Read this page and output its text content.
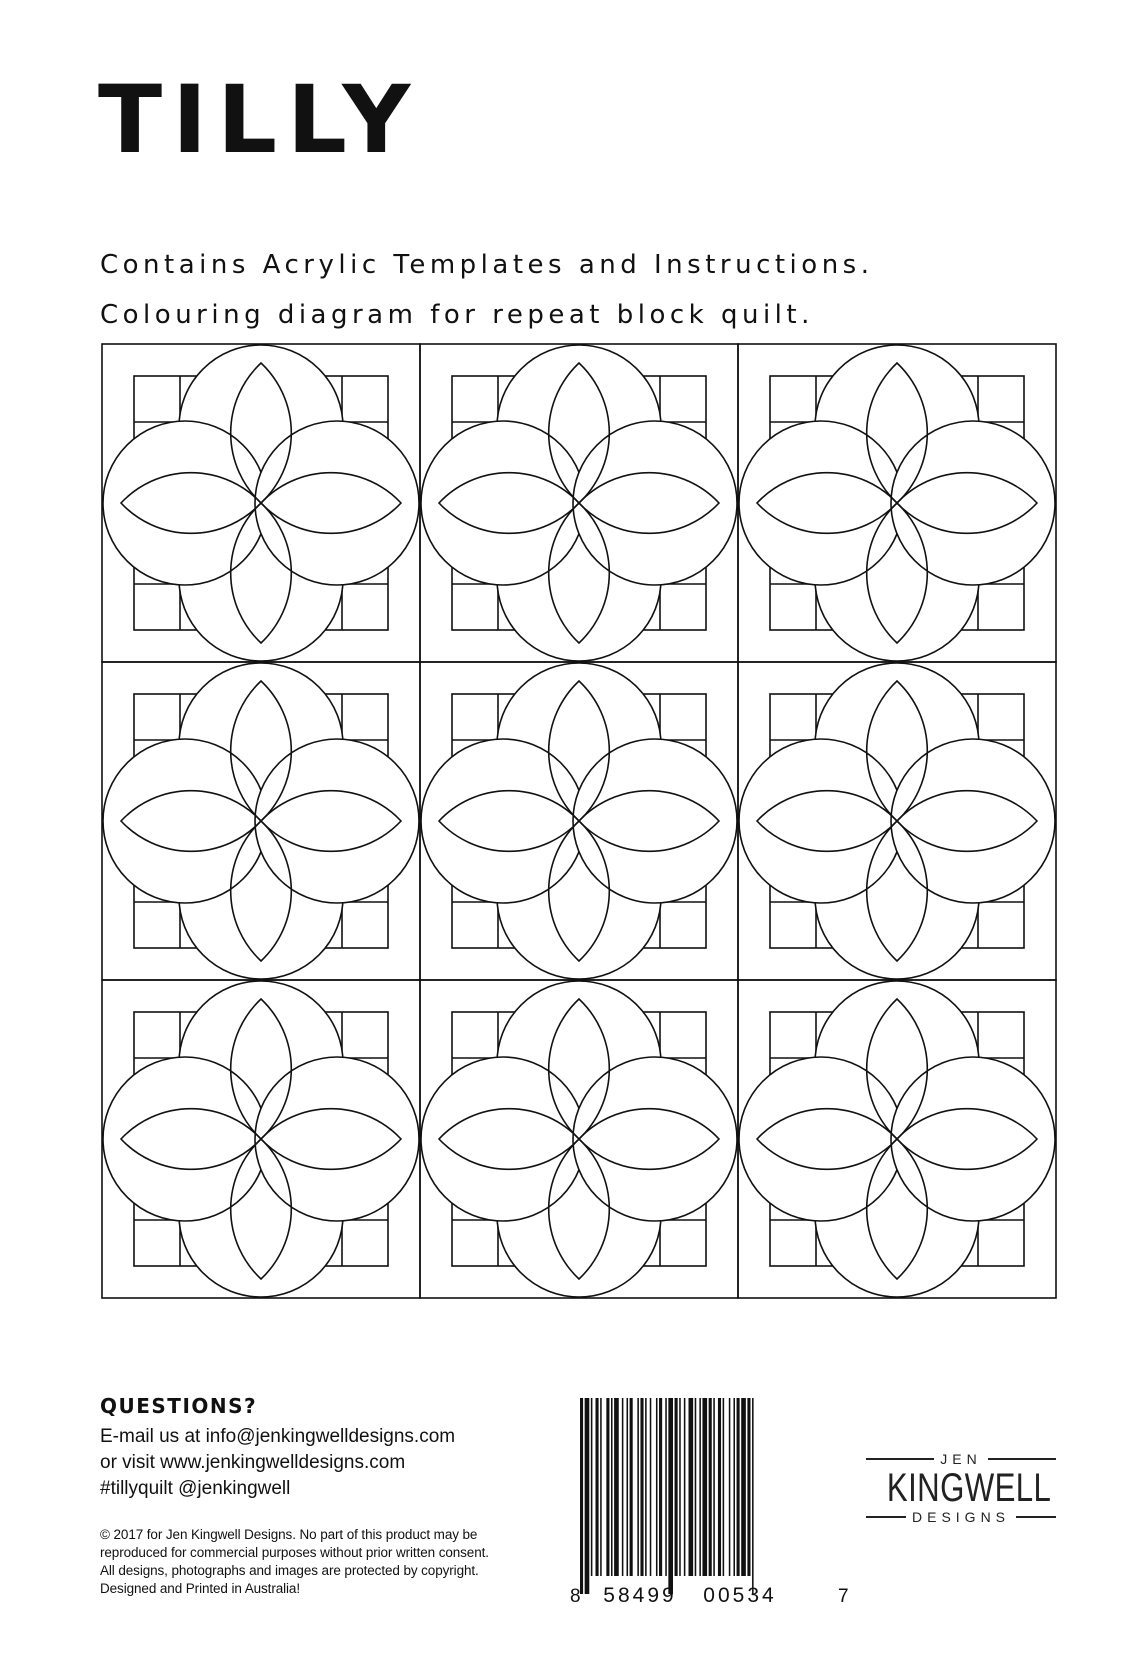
TILLY
Contains Acrylic Templates and Instructions.
Colouring diagram for repeat block quilt.
QUESTIONS?
E-mail us at info@jenkingwelldesigns.com
or visit www.jenkingwelldesigns.com
#tillyquilt @jenkingwell
© 2017 for Jen Kingwell Designs. No part of this product may be
reproduced for commercial purposes without prior written consent.
All designs, photographs and images are protected by copyright.
Designed and Printed in Australia!	8 58499 00534	7
JEN
KINGWELL
DESIGNS
